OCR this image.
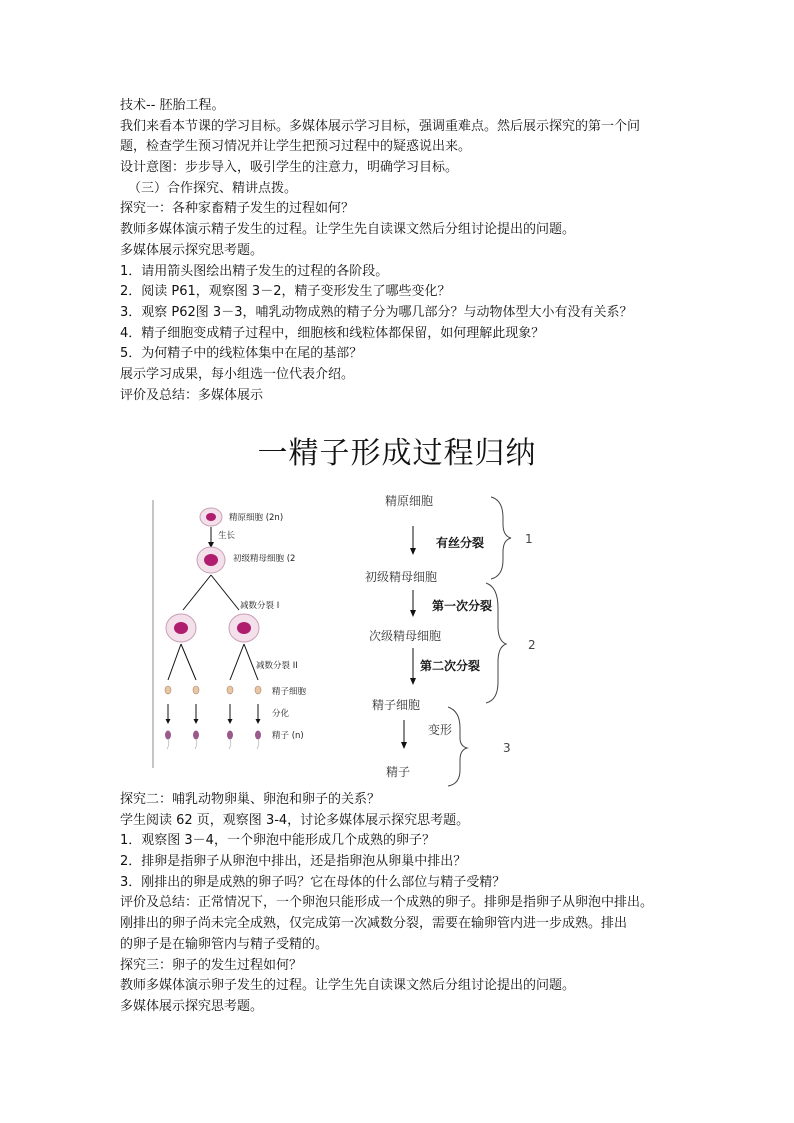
技术-- 胚胎工程。
我们来看本节课的学习目标。多媒体展示学习目标，强调重难点。然后展示探究的第一个问
题，检查学生预习情况并让学生把预习过程中的疑惑说出来。
设计意图：步步导入，吸引学生的注意力，明确学习目标。
（三）合作探究、精讲点拨。
探究一：各种家畜精子发生的过程如何？
教师多媒体演示精子发生的过程。让学生先自读课文然后分组讨论提出的问题。
多媒体展示探究思考题。
1．请用箭头图绘出精子发生的过程的各阶段。
2．阅读 P61，观察图 3－2，精子变形发生了哪些变化？
3．观察 P62图 3－3，哺乳动物成熟的精子分为哪几部分？与动物体型大小有没有关系？
4．精子细胞变成精子过程中，细胞核和线粒体都保留，如何理解此现象？
5．为何精子中的线粒体集中在尾的基部？
展示学习成果，每小组选一位代表介绍。
评价及总结：多媒体展示
一精子形成过程归纳
精原细胞 (2n)
生长
初级精母细胞 (2
减数分裂 I
减数分裂 II
精子细胞
分化
精子 (n)
精原细胞
有丝分裂
初级精母细胞
第一次分裂
次级精母细胞
第二次分裂
精子细胞
变形
精子
1
2
3
探究二：哺乳动物卵巢、卵泡和卵子的关系？
学生阅读 62 页，观察图 3-4，讨论多媒体展示探究思考题。
1．观察图 3－4，一个卵泡中能形成几个成熟的卵子？
2．排卵是指卵子从卵泡中排出，还是指卵泡从卵巢中排出？
3．刚排出的卵是成熟的卵子吗？它在母体的什么部位与精子受精？
评价及总结：正常情况下，一个卵泡只能形成一个成熟的卵子。排卵是指卵子从卵泡中排出。
刚排出的卵子尚未完全成熟，仅完成第一次减数分裂，需要在输卵管内进一步成熟。排出
的卵子是在输卵管内与精子受精的。
探究三：卵子的发生过程如何？
教师多媒体演示卵子发生的过程。让学生先自读课文然后分组讨论提出的问题。
多媒体展示探究思考题。
